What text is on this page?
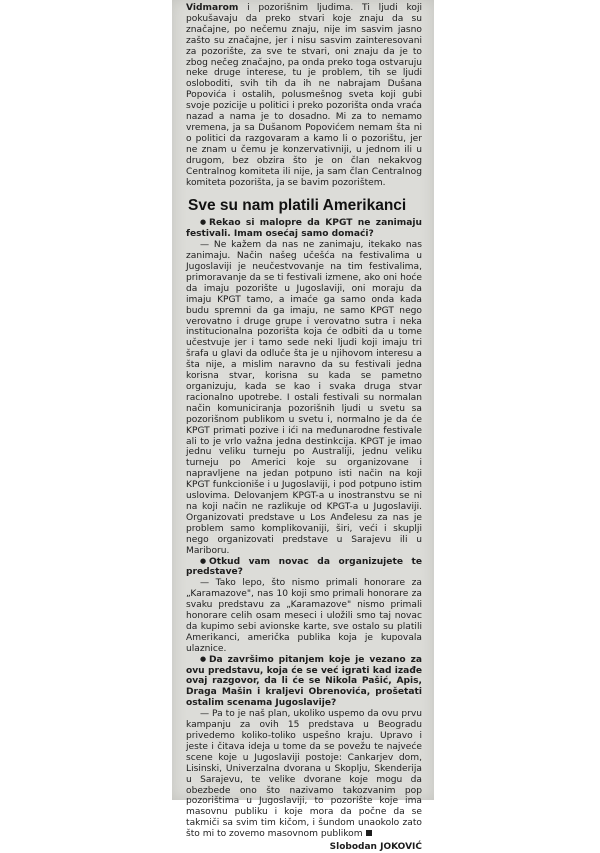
Vidmarom i pozorišnim ljudima. Ti ljudi koji pokušavaju da preko stvari koje znaju da su značajne, po nečemu znaju, nije im sasvim jasno zašto su značajne, jer i nisu sasvim zainteresovani za pozorište, za sve te stvari, oni znaju da je to zbog nečeg značajno, pa onda preko toga ostvaruju neke druge interese, tu je problem, tih se ljudi osloboditi, svih tih da ih ne nabrajam Dušana Popovića i ostalih, polusmešnog sveta koji gubi svoje pozicije u politici i preko pozorišta onda vraća nazad a nama je to dosadno. Mi za to nemamo vremena, ja sa Dušanom Popovićem nemam šta ni o politici da razgovaram a kamo li o pozorištu, jer ne znam u čemu je konzervativniji, u jednom ili u drugom, bez obzira što je on član nekakvog Centralnog komiteta ili nije, ja sam član Centralnog komiteta pozorišta, ja se bavim pozorištem.

Sve su nam platili Amerikanci

●Rekao si malopre da KPGT ne zanimaju festivali. Imam osećaj samo domaći?

— Ne kažem da nas ne zanimaju, itekako nas zanimaju. Način našeg učešća na festivalima u Jugoslaviji je neučestvovanje na tim festivalima, primoravanje da se ti festivali izmene, ako oni hoće da imaju pozorište u Jugoslaviji, oni moraju da imaju KPGT tamo, a imaće ga samo onda kada budu spremni da ga imaju, ne samo KPGT nego verovatno i druge grupe i verovatno sutra i neka institucionalna pozorišta koja će odbiti da u tome učestvuje jer i tamo sede neki ljudi koji imaju tri šrafa u glavi da odluče šta je u njihovom interesu a šta nije, a mislim naravno da su festivali jedna korisna stvar, korisna su kada se pametno organizuju, kada se kao i svaka druga stvar racionalno upotrebe. I ostali festivali su normalan način komuniciranja pozorišnih ljudi u svetu sa pozorišnom publikom u svetu i, normalno je da će KPGT primati pozive i ići na međunarodne festivale ali to je vrlo važna jedna destinkcija. KPGT je imao jednu veliku turneju po Australiji, jednu veliku turneju po Americi koje su organizovane i napravljene na jedan potpuno isti način na koji KPGT funkcioniše i u Jugoslaviji, i pod potpuno istim uslovima. Delovanjem KPGT-a u inostranstvu se ni na koji način ne razlikuje od KPGT-a u Jugoslaviji. Organizovati predstave u Los Anđelesu za nas je problem samo komplikovaniji, širi, veći i skuplji nego organizovati predstave u Sarajevu ili u Mariboru.

●Otkud vam novac da organizujete te predstave?

— Tako lepo, što nismo primali honorare za „Karamazove", nas 10 koji smo primali honorare za svaku predstavu za „Karamazove" nismo primali honorare celih osam meseci i uložili smo taj novac da kupimo sebi avionske karte, sve ostalo su platili Amerikanci, američka publika koja je kupovala ulaznice.

●Da završimo pitanjem koje je vezano za ovu predstavu, koja će se već igrati kad izađe ovaj razgovor, da li će se Nikola Pašić, Apis, Draga Mašin i kraljevi Obrenovića, prošetati ostalim scenama Jugoslavije?

— Pa to je naš plan, ukoliko uspemo da ovu prvu kampanju za ovih 15 predstava u Beogradu privedemo koliko-toliko uspešno kraju. Upravo i jeste i čitava ideja u tome da se povežu te najveće scene koje u Jugoslaviji postoje: Cankarjev dom, Lisinski, Univerzalna dvorana u Skoplju, Skenderija u Sarajevu, te velike dvorane koje mogu da obezbede ono što nazivamo takozvanim pop pozorištima u Jugoslaviji, to pozorište koje ima masovnu publiku i koje mora da počne da se takmiči sa svim tim kičom, i šundom unaokolo zato što mi to zovemo masovnom publikom

Slobodan JOKOVIĆ
